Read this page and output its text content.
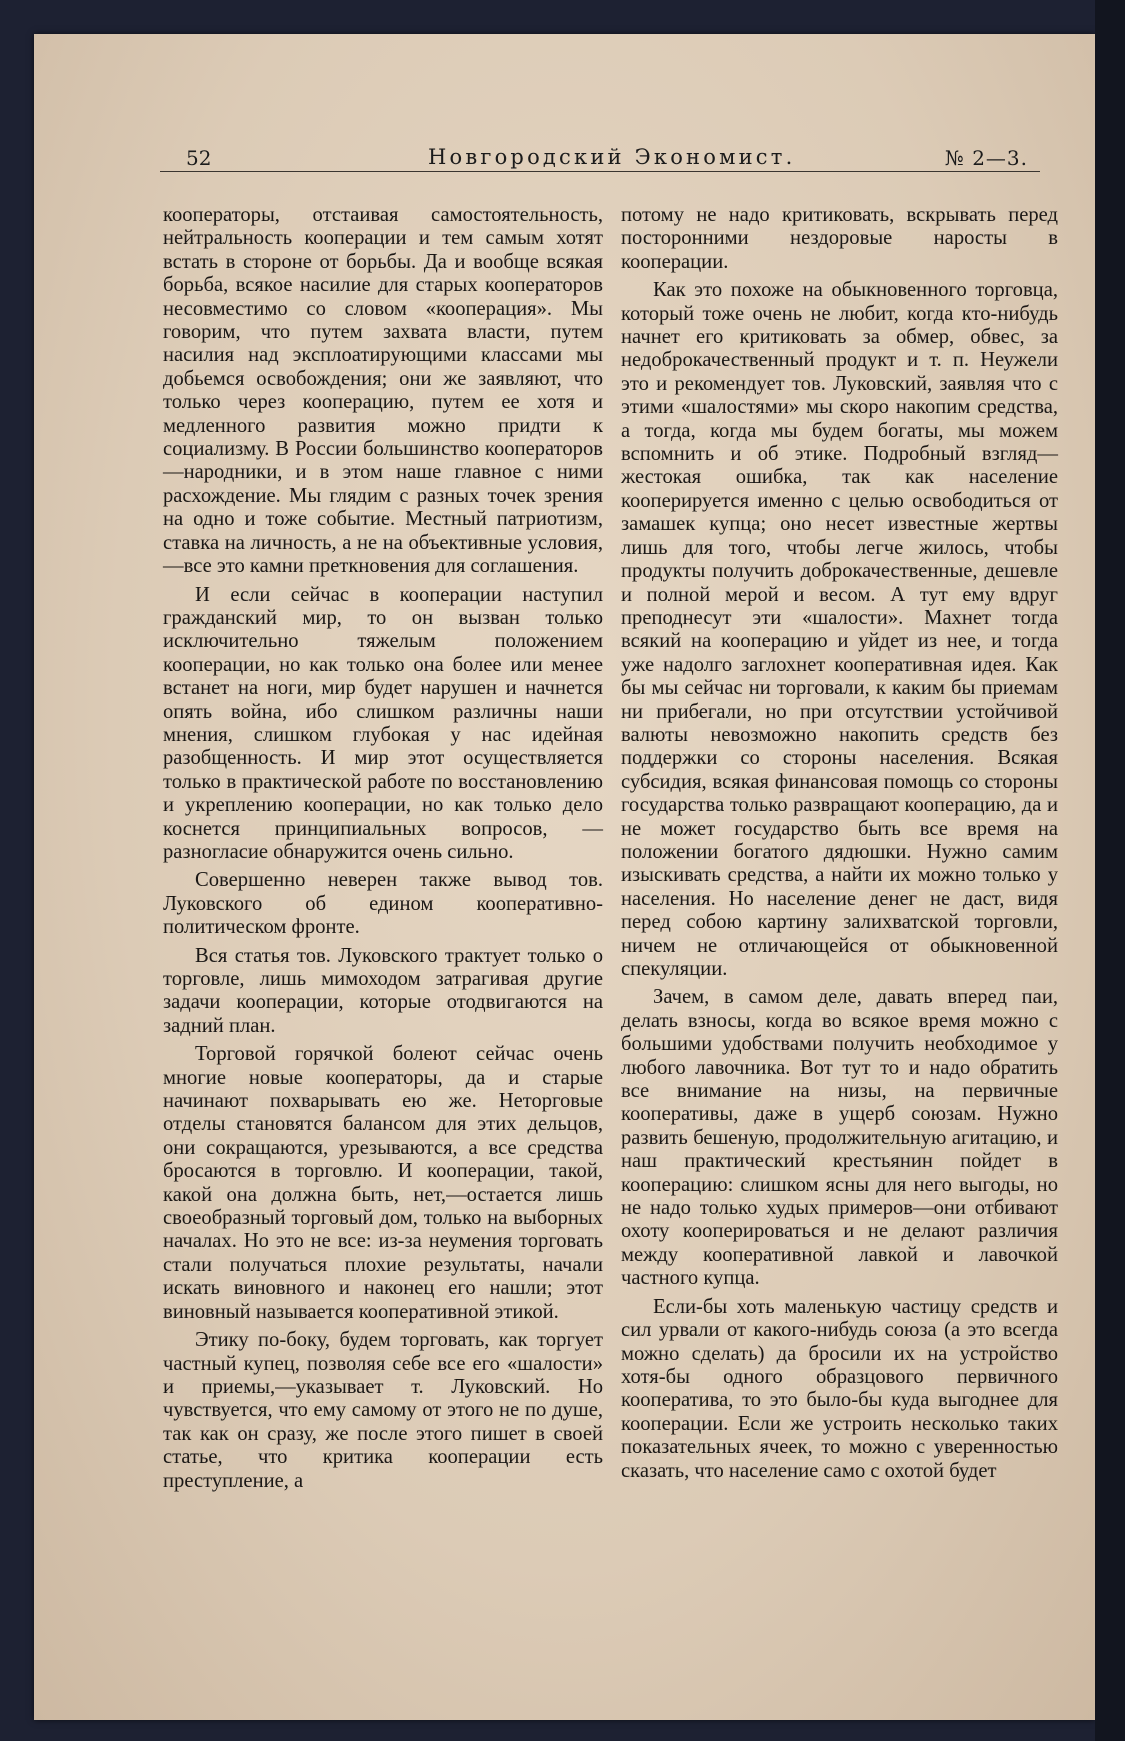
52	Новгородский Экономист.	№ 2—3.

кооператоры, отстаивая самостоятельность, нейтральность кооперации и тем самым хотят встать в стороне от борьбы. Да и вообще всякая борьба, всякое насилие для старых кооператоров несовместимо со словом «кооперация». Мы говорим, что путем захвата власти, путем насилия над эксплоатирующими классами мы добьемся освобождения; они же заявляют, что только через кооперацию, путем ее хотя и медленного развития можно придти к социализму. В России большинство кооператоров—народники, и в этом наше главное с ними расхождение. Мы глядим с разных точек зрения на одно и тоже событие. Местный патриотизм, ставка на личность, а не на объективные условия,—все это камни преткновения для соглашения.

И если сейчас в кооперации наступил гражданский мир, то он вызван только исключительно тяжелым положением кооперации, но как только она более или менее встанет на ноги, мир будет нарушен и начнется опять война, ибо слишком различны наши мнения, слишком глубокая у нас идейная разобщенность. И мир этот осуществляется только в практической работе по восстановлению и укреплению кооперации, но как только дело коснется принципиальных вопросов, — разногласие обнаружится очень сильно.

Совершенно неверен также вывод тов. Луковского об едином кооперативно-политическом фронте.

Вся статья тов. Луковского трактует только о торговле, лишь мимоходом затрагивая другие задачи кооперации, которые отодвигаются на задний план.

Торговой горячкой болеют сейчас очень многие новые кооператоры, да и старые начинают похварывать ею же. Неторговые отделы становятся балансом для этих дельцов, они сокращаются, урезываются, а все средства бросаются в торговлю. И кооперации, такой, какой она должна быть, нет,—остается лишь своеобразный торговый дом, только на выборных началах. Но это не все: из-за неумения торговать стали получаться плохие результаты, начали искать виновного и наконец его нашли; этот виновный называется кооперативной этикой.

Этику по-боку, будем торговать, как торгует частный купец, позволяя себе все его «шалости» и приемы,—указывает т. Луковский. Но чувствуется, что ему самому от этого не по душе, так как он сразу, же после этого пишет в своей статье, что критика кооперации есть преступление, а

потому не надо критиковать, вскрывать перед посторонними нездоровые наросты в кооперации.

Как это похоже на обыкновенного торговца, который тоже очень не любит, когда кто-нибудь начнет его критиковать за обмер, обвес, за недоброкачественный продукт и т. п. Неужели это и рекомендует тов. Луковский, заявляя что с этими «шалостями» мы скоро накопим средства, а тогда, когда мы будем богаты, мы можем вспомнить и об этике. Подробный взгляд—жестокая ошибка, так как население кооперируется именно с целью освободиться от замашек купца; оно несет известные жертвы лишь для того, чтобы легче жилось, чтобы продукты получить доброкачественные, дешевле и полной мерой и весом. А тут ему вдруг преподнесут эти «шалости». Махнет тогда всякий на кооперацию и уйдет из нее, и тогда уже надолго заглохнет кооперативная идея. Как бы мы сейчас ни торговали, к каким бы приемам ни прибегали, но при отсутствии устойчивой валюты невозможно накопить средств без поддержки со стороны населения. Всякая субсидия, всякая финансовая помощь со стороны государства только развращают кооперацию, да и не может государство быть все время на положении богатого дядюшки. Нужно самим изыскивать средства, а найти их можно только у населения. Но население денег не даст, видя перед собою картину залихватской торговли, ничем не отличающейся от обыкновенной спекуляции.

Зачем, в самом деле, давать вперед паи, делать взносы, когда во всякое время можно с большими удобствами получить необходимое у любого лавочника. Вот тут то и надо обратить все внимание на низы, на первичные кооперативы, даже в ущерб союзам. Нужно развить бешеную, продолжительную агитацию, и наш практический крестьянин пойдет в кооперацию: слишком ясны для него выгоды, но не надо только худых примеров—они отбивают охоту кооперироваться и не делают различия между кооперативной лавкой и лавочкой частного купца.

Если-бы хоть маленькую частицу средств и сил урвали от какого-нибудь союза (а это всегда можно сделать) да бросили их на устройство хотя-бы одного образцового первичного кооператива, то это было-бы куда выгоднее для кооперации. Если же устроить несколько таких показательных ячеек, то можно с уверенностью сказать, что население само с охотой будет
